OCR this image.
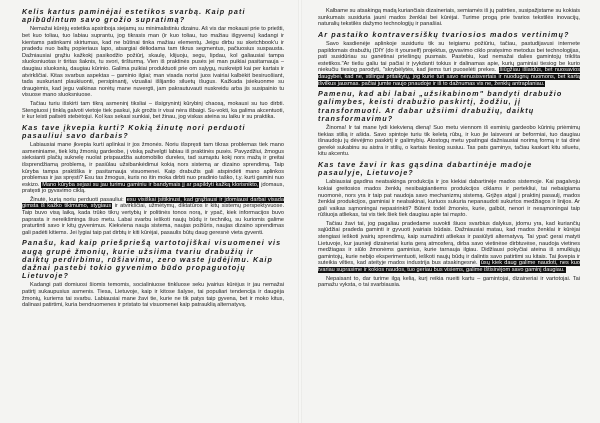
Kelis kartus paminėjai estetikos svarbą. Kaip pati apibūdintum savo grožio supratimą?

Nemažai kūrėjų estetika apsiriboja siejamų su minimalistiniu dizainu. Aš vis dar mokausi prie to priešti, bet kuo toliau, tuo labiau suprantu, jog tikrasis man (ir kuo toliau, tuo mažiau išgyvenu) kadangi ir kientams patinkami skirtumas, kad ne būtinai tinka mažiau elementų. Jeigu dirbu su sketchbook'u ir pradedu nuo baltų popieriaus lapo, atsargiai dėliodama tam tikrus segmentus, pačiuosius suspausta. Dažniausiai grąžiu kažkokį pasikodžio požiūrį, skaulę, klijuoju, segu, lipdau, kol galiausiai tampa sluoksniuotas ir tiritas šaknis, tu svori, tiršturmą. Vien iš praktinės pusės jei man puikiai pasitarnauja – daugiau sluoksnių, daugiau kūrinio. Galima puikiai produktuoti prie om sąlygų, nuskreipti kai per kartais ir atvirkščiai. Kitas svarbus aspektas – gaminio ilgiai; man visada norisi juos ivairiai kalbėkit besiruošiant, tada suskuriant plaukiuonti, persipinantį, vizualiai išlijantio siluetų išugus. Kažkada įsiekuonme su draugėmis, kad jegu vaikinas norėtų mane nuvergti, jam pakrautuvauti nuskreidu arba jis susipainio tu visuose mano sluoksniuose.

Tačiau turiu išskirti tam tikrą asmeninį tiksliai – išsigrynintį kūrybinį chaosą, mokausi su tuo dirbti. Stengiuosi į tinklą galvoti vietoje tiek paskui, juk grožis ir visai nėra išbaigi. Su-vokti, ka galima akcentuoti, ir kur leisti pailsėti stebėtojui. Kol kas sekasi sunkiai, bet žinau, jog viskas ateina su laiku ir su praktika.

Kas tave įkvepia kurti? Kokią žinutę nori perduoti pasauliui savo darbais?

Labiausiai mane įkvepia kurti aplinkai ir jos žmonės. Noriu išspręsti tam tikras problemas tiek mano asmeniniame, tiek kitų žmonių gardeobe, į viską pažvelgti labiau iš praktinės pusės. Pavyzdžiui, žmogus sieksianti plačių suknelę nuolat prispaudžia automobilio dureles, tad sumąstu kokį nors mažą ir greitai išsprendžiamą problemą, ir pasiūlau užsibankėdimui kokią nors sistemą ar dizaino sprendimą. Taip kūryba tampa praktiška ir pasitarnauja visuomenei. Kaip drabužis gali atspindėti mano aplinkos problemas ir jas spręsti? Esu tas žmogus, kuris no itin moka dirbti nuo pradinio taško, t.y. kurti gamini nuo eskizo. Mano kūryba sejasi su jau turimu gaminiu ir bandymais jį ar papildyti kažką klorisnikto, jdomaus, pratęsti jo gyvavimo ciklą.

Žinutė, kurią noriu perduoti pasauliui: esu visiškai įsitikinusi, kad grąžiausi ir įdomiausi darbai visada gimsta iš kažko tikimumo, stygiaus ir atvirkščiai, užmėtymų, diktatūros ir kitų sistemų perspektyvuose. Taip buvo visą laiką, kada trūko tikrų vertybių ir politinės tonos norą, ir ypač, kiek informacijos buvo paprasta ir nereikšminga šiuo metu. Labai svarbu ieškoti naujų būdų ir technikų, su kuriomis galime praturtinti savo ir kitų gyvenimus. Kiekviena nauja sistema, naujas požiūris, naujas dizaino sprendimas gali padėti kitiems. Jei lygiai taip pat dirbtų ir kiti kūrėjai, pasaulis būtų daug geresnė vieta gyventi.

Panašu, kad kaip priešpriešą vartotojiškai visuomenei vis augą grupė žmonių, kurie užsiima tvariu drabužių ir daiktų perdirbimu, rūšiavimu, zero waste judėjimu. Kaip dažnai pastebi tokio gyvenimo būdo propaguotojų Lietuvoje?

Kadangi pati domiuosi šiomis temomis, socialiniuose tinkluose seku įvairius kūrėjus ir jau nemažai patirtį sukaupusius asmenis. Tiesa, Lietuvoje, kaip ir kitose šalyse, tai populiari tendencija ir daugėja žmonių, kuriems tai svarbu. Labiausiai mane žavi tie, kurie ne tik patys taip gyvena, bet ir moko kitus, dalinasi patirtimi, kuria bendruomenes ir pristato tai visuomenei kaip patrauklią alternatyvą.

Kalbame su atsakingą madą kuriančiais dizaineriais, semiamės iš jų patirties, susipažįstame su kokiais sunkumais susiduria jauni mados ženklai bei kūrėjai. Turime progą prie tvarios tekstilės inovacijų, naturalių tekstilės dažymo technologijų ir panašiai.

Ar pastaiko kontraversiškų tvariosios mados vertinimų?

Savo kasdienėje aplinkoje susiduriu tik su teigiamu požiūriu, tačiau, pastudijavusi internete papildomais drabužių (DIY (do it yourself) projektus, gyvavimo ciklo pratęsimo metodus bei technologijas, pati susidūriau su ganėtinai priešingų pusmais. Pastebiu, kad nemažai dalies gamintojų trikšta estetikos."Ar tiešu galiu tai pačiai ir įvykdanti tokius ir dalinamas apie, kurių gaminiai tiesiog be kurio niekučiu tiesiog parodyti, "skrybėlytės, kad jiems turi puoselėti prekes. šiūgžiau išlaidūs, bet nuosavios daugybei, kad ne, stilingai pritaikytų, jog kurie turi savo nenusisvertais ir nuodugnų nuomons, bet kartą išvilkus jausmas. pačiai jumte naujo pnaudoje ir iš to dažnumas vis ne, ženklų antraplaniau.

Pamenu, kad abi labai „užsikabinom" bandyti drabužio galimybes, keisti drabužio paskirtį, žodžiu, jį transformuoti. Ar dabar užsiimi drabužių, daiktų transformavimu?

Žinoma! Ir tai mane lydi kiekvieną dieną! Suo metu viennom iš esminių gardeobo kūrinių priėmimų tiekias stilią ir ašida. Savo spintoje turiu tik keletą rūbų, ir kuo jie laisvesni ar beformiai, tuo daugiau išnaudoju jų dėvėjimo paskirtį ir galimybių. Atostogų metu ypatingai dažniausiai norimą formą ir tai dinė gerekė sukabinu su aistra ir stilių, o kartais tiesiog susiuu. Tas pats gaminys, tačiau kaskart kitu siluetu, kitu akcentu.

Kas tave žavi ir kas gąsdina dabartinėje madoje pasaulyje, Lietuvoje?

Labiausiai gąsdina neatsakinga produkcija ir jos kiekiai dabartinėje mados sistemoje. Kai pagalvoju kokiai greitosios mados ženklų nesibaigiantiems produkcijos ciklams ir pertekliui, tai nebaigiama nuomonė, nors yra ir taip pat naudoja savo mechanizmų sistemą. Grįžęs atgal į praktinį pasaulį, mados ženklai produkcijos, gaminiai ir nealsakinai, kuriuos sukuria nepanaudoti sukurtos medžiagos ir linijos. Ar gali vaikas sąmoningai nepasirinkti? Būtent todėl žmonės, kurie, galbūt, nenori ir nesąmoningai taip rūšiuoja atliekas, tai vis tiek šiek tiek daugiau apie tai mąsto.

Tačiau žavi tai, jog pagaliau pradedame suvokti šiuos svarbius dalykus, įdomu yra, kad kuriančių sąjūdžiai pradeda gaminti ir gyvuoti įvairiais būdais. Dažniausiai matau, kad mados ženklai ir kūrėjai stengiasi ieškoti įvairių sprendimų, kaip sumažinti atliekas ir pasiūlyti alternatyvą. Tai ypač gerai matyti Lietuvoje, kur jaunieji dizaineriai kuria gerą atmosferą, dirba savo vietinėse dirbtuvėse, naudoja vietines medžiagas ir siūlo žmonėms gaminius, kurie tarnauja ilgiau. Didžiausi pokyčiai ateina iš smulkiųjų gamintojų, kurie nebijo eksperimentuoti, ieškoti naujų būdų ir dalintis savo patirtimi su kitais. Tai įkvepia ir suteikia vilties, kad ateityje mados industrija bus atsakingesnė. ūsų kiek daug galime naudoti, nes kuo tvariau suprasime ir kokios naudos, tuo geriau bus visiems, galime ištisinėjom savo gaminį daugiau.

Nepaisant to, dar turime ilgą kelią, kurį reikia nueiti kartu – gamintojai, dizaineriai ir vartotojai. Tai pamažu vyksta, o tai svarbiausia.
